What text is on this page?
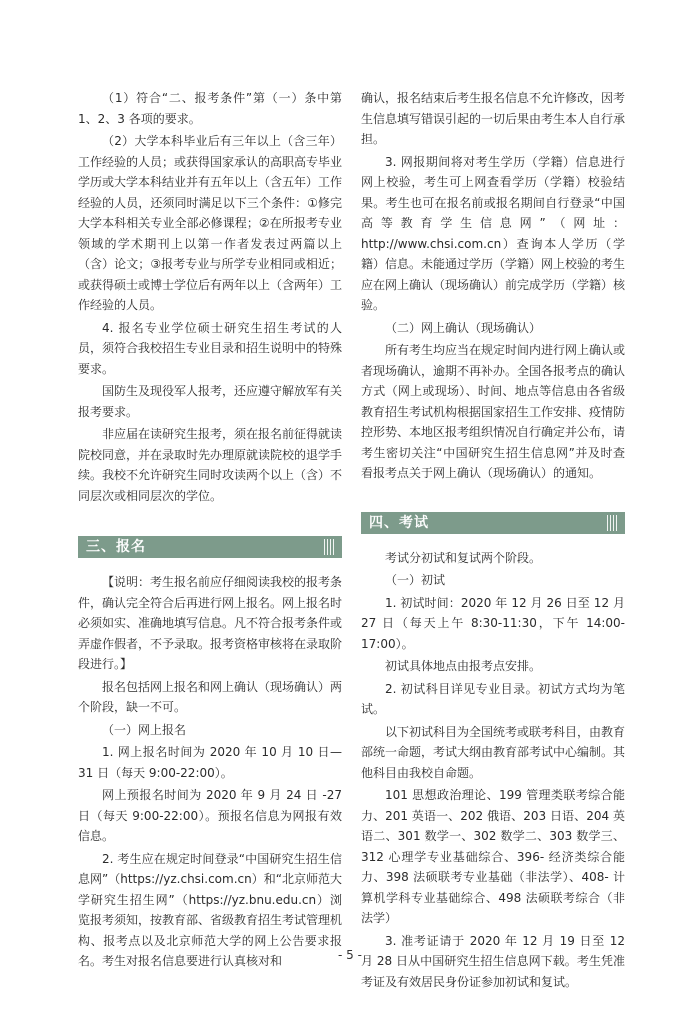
（1）符合“二、报考条件”第（一）条中第 1、2、3 各项的要求。

（2）大学本科毕业后有三年以上（含三年）工作经验的人员；或获得国家承认的高职高专毕业学历或大学本科结业并有五年以上（含五年）工作经验的人员，还须同时满足以下三个条件：①修完大学本科相关专业全部必修课程；②在所报考专业领域的学术期刊上以第一作者发表过两篇以上（含）论文；③报考专业与所学专业相同或相近；或获得硕士或博士学位后有两年以上（含两年）工作经验的人员。

4. 报名专业学位硕士研究生招生考试的人员，须符合我校招生专业目录和招生说明中的特殊要求。

国防生及现役军人报考，还应遵守解放军有关报考要求。

非应届在读研究生报考，须在报名前征得就读院校同意，并在录取时先办理原就读院校的退学手续。我校不允许研究生同时攻读两个以上（含）不同层次或相同层次的学位。

三、报名

【说明：考生报名前应仔细阅读我校的报考条件，确认完全符合后再进行网上报名。网上报名时必须如实、准确地填写信息。凡不符合报考条件或弄虚作假者，不予录取。报考资格审核将在录取阶段进行。】

报名包括网上报名和网上确认（现场确认）两个阶段，缺一不可。

（一）网上报名

1. 网上报名时间为 2020 年 10 月 10 日—31 日（每天 9:00-22:00）。

网上预报名时间为 2020 年 9 月 24 日 -27 日（每天 9:00-22:00）。预报名信息为网报有效信息。

2. 考生应在规定时间登录“中国研究生招生信息网”（https://yz.chsi.com.cn）和“北京师范大学研究生招生网”（https://yz.bnu.edu.cn）浏览报考须知，按教育部、省级教育招生考试管理机构、报考点以及北京师范大学的网上公告要求报名。考生对报名信息要进行认真核对和

确认，报名结束后考生报名信息不允许修改，因考生信息填写错误引起的一切后果由考生本人自行承担。

3. 网报期间将对考生学历（学籍）信息进行网上校验，考生可上网查看学历（学籍）校验结果。考生也可在报名前或报名期间自行登录“中国高等教育学生信息网”（网址：http://www.chsi.com.cn）查询本人学历（学籍）信息。未能通过学历（学籍）网上校验的考生应在网上确认（现场确认）前完成学历（学籍）核验。

（二）网上确认（现场确认）

所有考生均应当在规定时间内进行网上确认或者现场确认，逾期不再补办。全国各报考点的确认方式（网上或现场）、时间、地点等信息由各省级教育招生考试机构根据国家招生工作安排、疫情防控形势、本地区报考组织情况自行确定并公布，请考生密切关注“中国研究生招生信息网”并及时查看报考点关于网上确认（现场确认）的通知。

四、考试

考试分初试和复试两个阶段。

（一）初试

1. 初试时间：2020 年 12 月 26 日至 12 月 27 日（每天上午 8:30-11:30，下午 14:00-17:00）。

初试具体地点由报考点安排。

2. 初试科目详见专业目录。初试方式均为笔试。

以下初试科目为全国统考或联考科目，由教育部统一命题，考试大纲由教育部考试中心编制。其他科目由我校自命题。

101 思想政治理论、199 管理类联考综合能力、201 英语一、202 俄语、203 日语、204 英语二、301 数学一、302 数学二、303 数学三、312 心理学专业基础综合、396- 经济类综合能力、398 法硕联考专业基础（非法学）、408- 计算机学科专业基础综合、498 法硕联考综合（非法学）

3. 准考证请于 2020 年 12 月 19 日至 12 月 28 日从中国研究生招生信息网下载。考生凭准考证及有效居民身份证参加初试和复试。

- 5 -
